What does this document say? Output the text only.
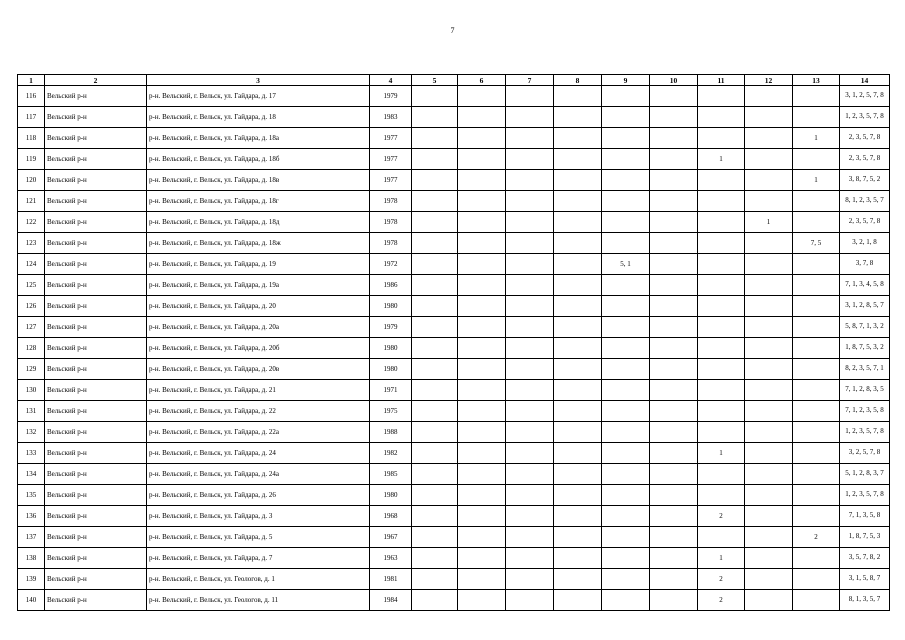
7
1	2	3	4	5	6	7	8	9	10	11	12	13	14
116	Вельский р-н	р-н. Вельский, г. Вельск, ул. Гайдара, д. 17	1979										3, 1, 2, 5, 7, 8
117	Вельский р-н	р-н. Вельский, г. Вельск, ул. Гайдара, д. 18	1983										1, 2, 3, 5, 7, 8
118	Вельский р-н	р-н. Вельский, г. Вельск, ул. Гайдара, д. 18а	1977									1	2, 3, 5, 7, 8
119	Вельский р-н	р-н. Вельский, г. Вельск, ул. Гайдара, д. 18б	1977							1			2, 3, 5, 7, 8
120	Вельский р-н	р-н. Вельский, г. Вельск, ул. Гайдара, д. 18в	1977									1	3, 8, 7, 5, 2
121	Вельский р-н	р-н. Вельский, г. Вельск, ул. Гайдара, д. 18г	1978										8, 1, 2, 3, 5, 7
122	Вельский р-н	р-н. Вельский, г. Вельск, ул. Гайдара, д. 18д	1978								1		2, 3, 5, 7, 8
123	Вельский р-н	р-н. Вельский, г. Вельск, ул. Гайдара, д. 18ж	1978									7, 5	3, 2, 1, 8
124	Вельский р-н	р-н. Вельский, г. Вельск, ул. Гайдара, д. 19	1972					5, 1					3, 7, 8
125	Вельский р-н	р-н. Вельский, г. Вельск, ул. Гайдара, д. 19а	1986										7, 1, 3, 4, 5, 8
126	Вельский р-н	р-н. Вельский, г. Вельск, ул. Гайдара, д. 20	1980										3, 1, 2, 8, 5, 7
127	Вельский р-н	р-н. Вельский, г. Вельск, ул. Гайдара, д. 20а	1979										5, 8, 7, 1, 3, 2
128	Вельский р-н	р-н. Вельский, г. Вельск, ул. Гайдара, д. 20б	1980										1, 8, 7, 5, 3, 2
129	Вельский р-н	р-н. Вельский, г. Вельск, ул. Гайдара, д. 20в	1980										8, 2, 3, 5, 7, 1
130	Вельский р-н	р-н. Вельский, г. Вельск, ул. Гайдара, д. 21	1971										7, 1, 2, 8, 3, 5
131	Вельский р-н	р-н. Вельский, г. Вельск, ул. Гайдара, д. 22	1975										7, 1, 2, 3, 5, 8
132	Вельский р-н	р-н. Вельский, г. Вельск, ул. Гайдара, д. 22а	1988										1, 2, 3, 5, 7, 8
133	Вельский р-н	р-н. Вельский, г. Вельск, ул. Гайдара, д. 24	1982							1			3, 2, 5, 7, 8
134	Вельский р-н	р-н. Вельский, г. Вельск, ул. Гайдара, д. 24а	1985										5, 1, 2, 8, 3, 7
135	Вельский р-н	р-н. Вельский, г. Вельск, ул. Гайдара, д. 26	1980										1, 2, 3, 5, 7, 8
136	Вельский р-н	р-н. Вельский, г. Вельск, ул. Гайдара, д. 3	1968							2			7, 1, 3, 5, 8
137	Вельский р-н	р-н. Вельский, г. Вельск, ул. Гайдара, д. 5	1967									2	1, 8, 7, 5, 3
138	Вельский р-н	р-н. Вельский, г. Вельск, ул. Гайдара, д. 7	1963							1			3, 5, 7, 8, 2
139	Вельский р-н	р-н. Вельский, г. Вельск, ул. Геологов, д. 1	1981							2			3, 1, 5, 8, 7
140	Вельский р-н	р-н. Вельский, г. Вельск, ул. Геологов, д. 11	1984							2			8, 1, 3, 5, 7
